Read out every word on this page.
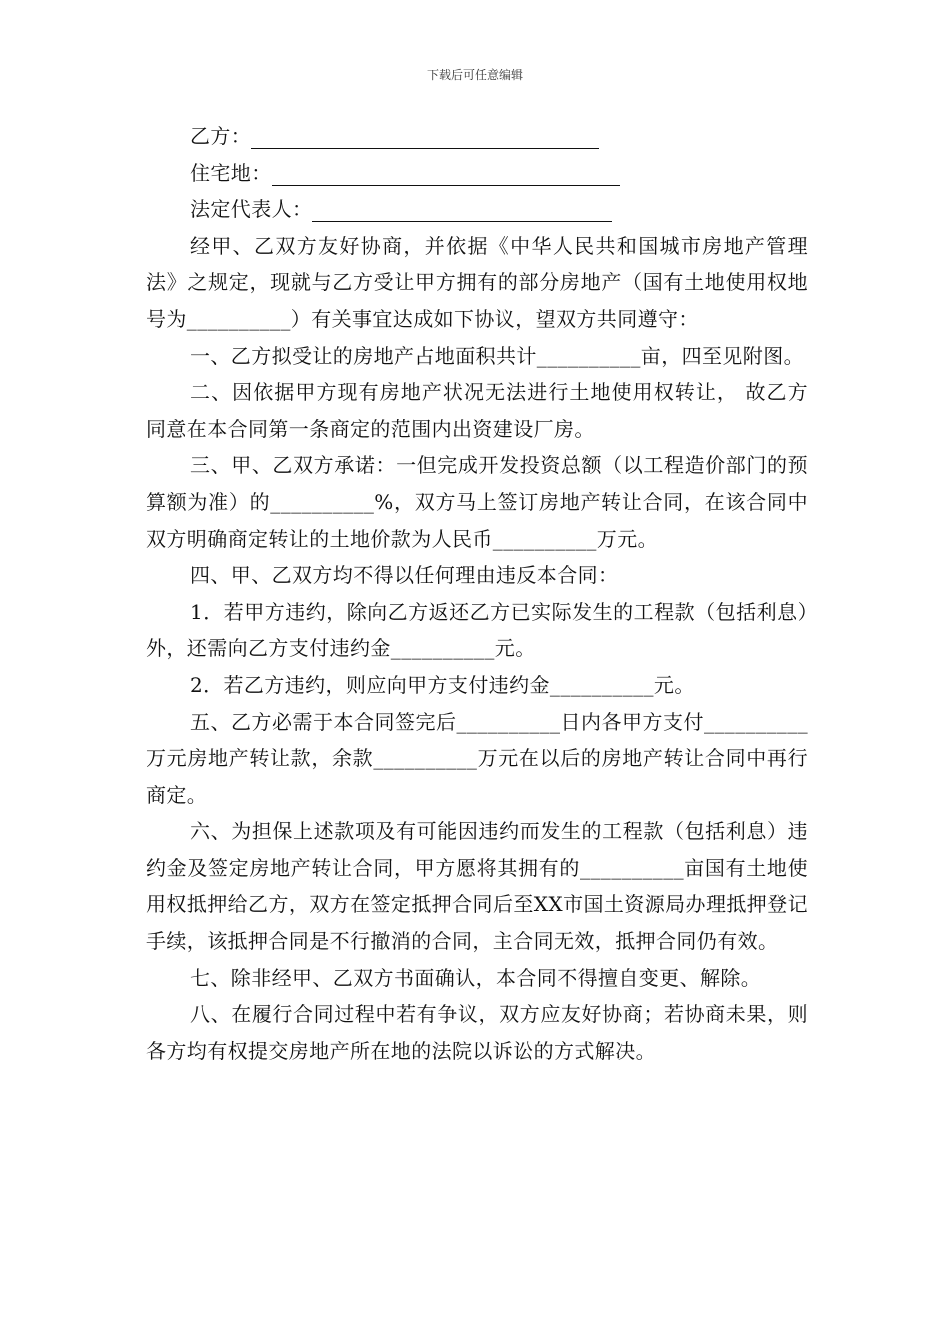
下载后可任意编辑
乙方：
住宅地：
法定代表人：

经甲、乙双方友好协商，并依据《中华人民共和国城市房地产管理法》之规定，现就与乙方受让甲方拥有的部分房地产（国有土地使用权地号为__________）有关事宜达成如下协议，望双方共同遵守：

一、乙方拟受让的房地产占地面积共计__________亩，四至见附图。

二、因依据甲方现有房地产状况无法进行土地使用权转让， 故乙方同意在本合同第一条商定的范围内出资建设厂房。

三、甲、乙双方承诺：一但完成开发投资总额（以工程造价部门的预算额为准）的__________%，双方马上签订房地产转让合同，在该合同中双方明确商定转让的土地价款为人民币__________万元。

四、甲、乙双方均不得以任何理由违反本合同：

1．若甲方违约，除向乙方返还乙方已实际发生的工程款（包括利息）外，还需向乙方支付违约金__________元。

2．若乙方违约，则应向甲方支付违约金__________元。

五、乙方必需于本合同签完后__________日内各甲方支付__________万元房地产转让款，余款__________万元在以后的房地产转让合同中再行商定。

六、为担保上述款项及有可能因违约而发生的工程款（包括利息）违约金及签定房地产转让合同，甲方愿将其拥有的__________亩国有土地使用权抵押给乙方，双方在签定抵押合同后至XX市国土资源局办理抵押登记手续，该抵押合同是不行撤消的合同，主合同无效，抵押合同仍有效。

七、除非经甲、乙双方书面确认，本合同不得擅自变更、解除。

八、在履行合同过程中若有争议，双方应友好协商；若协商未果，则各方均有权提交房地产所在地的法院以诉讼的方式解决。
